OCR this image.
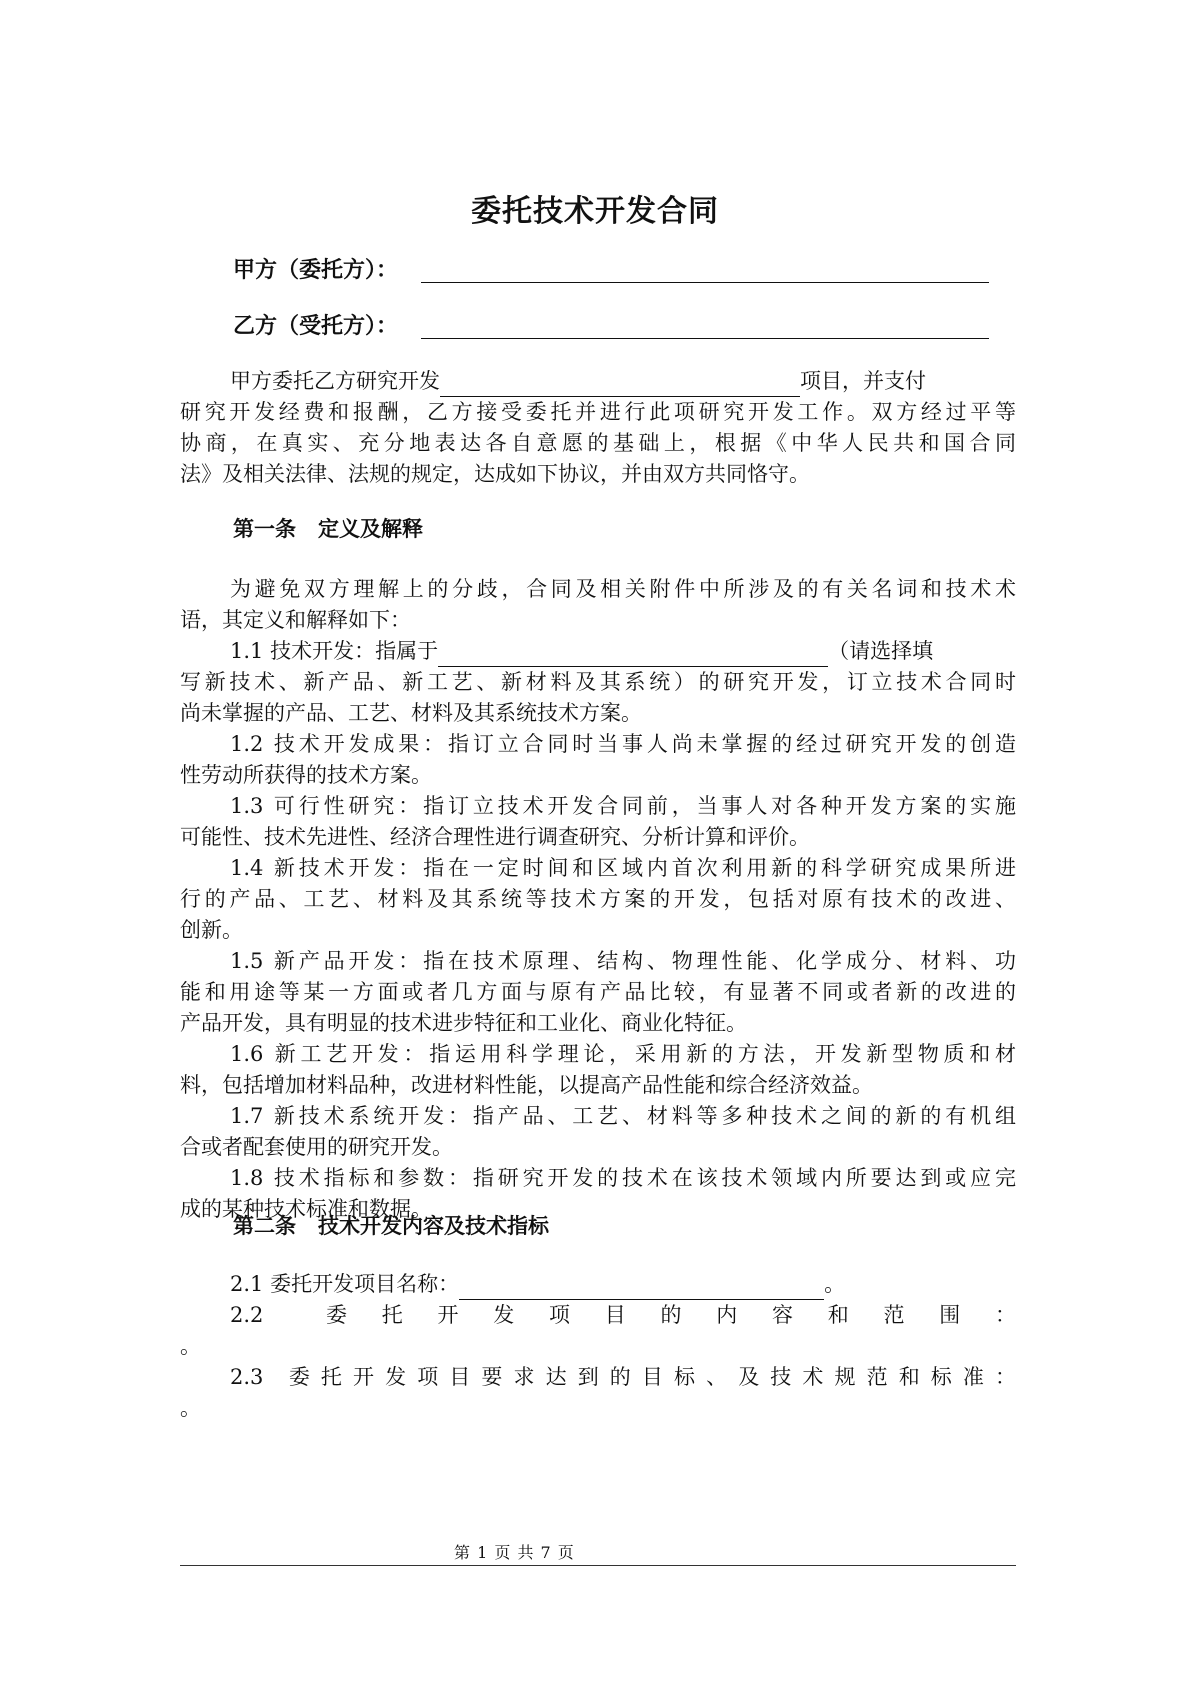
委托技术开发合同
甲方（委托方）：
乙方（受托方）：
甲方委托乙方研究开发	项目，并支付
研究开发经费和报酬，乙方接受委托并进行此项研究开发工作。双方经过平等
协商，在真实、充分地表达各自意愿的基础上，根据《中华人民共和国合同
法》及相关法律、法规的规定，达成如下协议，并由双方共同恪守。
第一条 定义及解释
为避免双方理解上的分歧，合同及相关附件中所涉及的有关名词和技术术
语，其定义和解释如下：
1.1 技术开发：指属于	（请选择填
写新技术、新产品、新工艺、新材料及其系统）的研究开发，订立技术合同时
尚未掌握的产品、工艺、材料及其系统技术方案。
1.2 技术开发成果：指订立合同时当事人尚未掌握的经过研究开发的创造
性劳动所获得的技术方案。
1.3 可行性研究：指订立技术开发合同前，当事人对各种开发方案的实施
可能性、技术先进性、经济合理性进行调查研究、分析计算和评价。
1.4 新技术开发：指在一定时间和区域内首次利用新的科学研究成果所进
行的产品、工艺、材料及其系统等技术方案的开发，包括对原有技术的改进、
创新。
1.5 新产品开发：指在技术原理、结构、物理性能、化学成分、材料、功
能和用途等某一方面或者几方面与原有产品比较，有显著不同或者新的改进的
产品开发，具有明显的技术进步特征和工业化、商业化特征。
1.6 新工艺开发：指运用科学理论，采用新的方法，开发新型物质和材
料，包括增加材料品种，改进材料性能，以提高产品性能和综合经济效益。
1.7 新技术系统开发：指产品、工艺、材料等多种技术之间的新的有机组
合或者配套使用的研究开发。
1.8 技术指标和参数：指研究开发的技术在该技术领域内所要达到或应完
成的某种技术标准和数据。
第二条 技术开发内容及技术指标
2.1 委托开发项目名称：	。
2.2　　委　托　开　发　项　目　的　内　容　和　范　围　：
。
2.3　委 托 开 发 项 目 要 求 达 到 的 目 标 、 及 技 术 规 范 和 标 准 ：
。
第 1 页 共 7 页
